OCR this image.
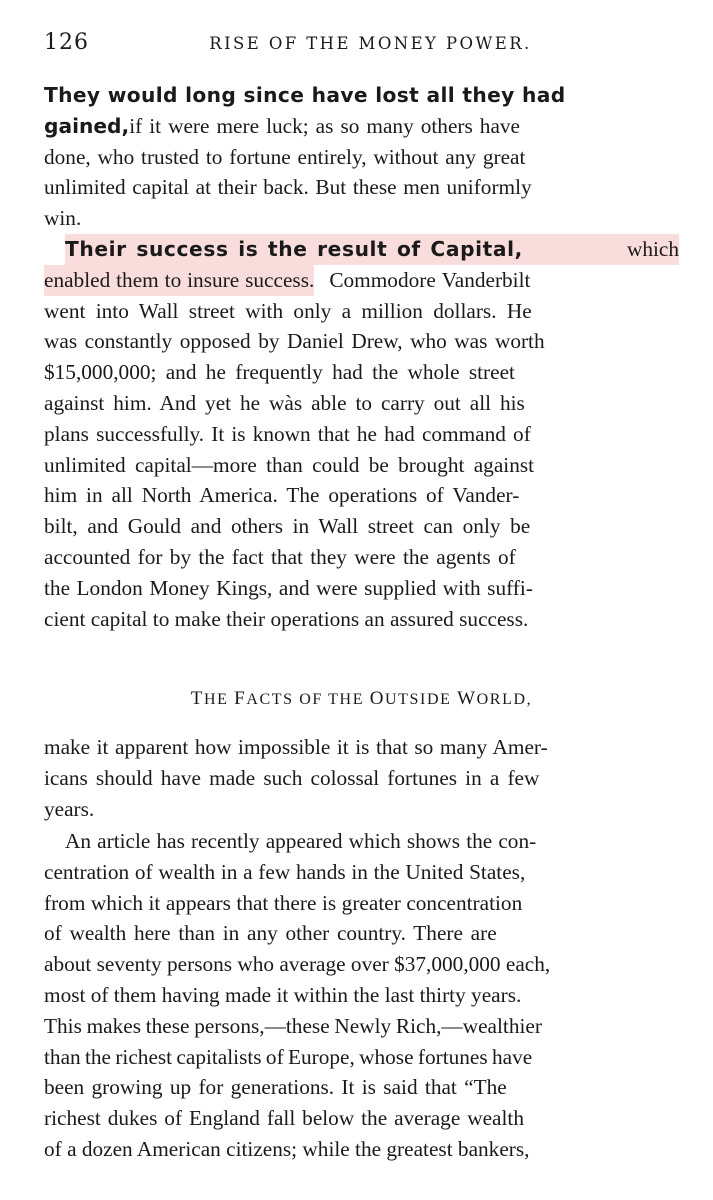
126	RISE OF THE MONEY POWER.
They would long since have lost all they had
gained, if it were mere luck; as so many others have
done, who trusted to fortune entirely, without any great
unlimited capital at their back. But these men uniformly
win.
Their success is the result of Capital,	which
enabled them to insure success. Commodore Vanderbilt
went into Wall street with only a million dollars. He
was constantly opposed by Daniel Drew, who was worth
$15,000,000; and he frequently had the whole street
against him. And yet he wàs able to carry out all his
plans successfully. It is known that he had command of
unlimited capital—more than could be brought against
him in all North America. The operations of Vander-
bilt, and Gould and others in Wall street can only be
accounted for by the fact that they were the agents of
the London Money Kings, and were supplied with suffi-
cient capital to make their operations an assured success.
THE FACTS OF THE OUTSIDE WORLD,
make it apparent how impossible it is that so many Amer-
icans should have made such colossal fortunes in a few
years.
An article has recently appeared which shows the con-
centration of wealth in a few hands in the United States,
from which it appears that there is greater concentration
of wealth here than in any other country. There are
about seventy persons who average over $37,000,000 each,
most of them having made it within the last thirty years.
This makes these persons,—these Newly Rich,—wealthier
than the richest capitalists of Europe, whose fortunes have
been growing up for generations. It is said that “The
richest dukes of England fall below the average wealth
of a dozen American citizens; while the greatest bankers,
